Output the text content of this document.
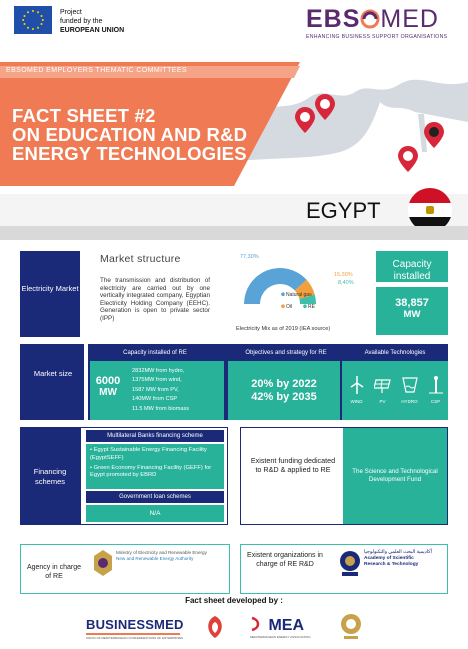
Project
funded by the
EUROPEAN UNION	EBS MED
ENHANCING BUSINESS SUPPORT ORGANISATIONS
EBSOMED EMPLOYERS THEMATIC COMMITTEES
FACT SHEET #2
ON EDUCATION AND R&D
ENERGY TECHNOLOGIES
EGYPT
Electricity Market
Market structure
The transmission and distribution of electricity are carried out by one vertically integrated company, Egyptian Electricity Holding Company (EEHC). Generation is open to private sector (IPP)
77,30%
15,30%
8,40%
Natural gas
Oil	RE
Electricity Mix as of 2019 (IEA source)
Capacity installed
38,857
MW
Market size
Capacity installed of RE
6000
MW
2832MW from hydro,
1375MW from wind,
1587 MW from PV,
140MW from CSP
11.5 MW from biomass
Objectives and strategy for RE
20% by 2022
42% by 2035
Available Technologies
WIND	PV	HYDRO	CSP
Financing schemes
Multilateral Banks financing scheme
• Egypt Sustainable Energy Financing Facility (EgyptSEFF)
• Green Economy Financing Facility (GEFF) for Egypt promoted by EBRD
Government loan schemes
N/A
Existent funding dedicated to R&D & applied to RE	The Science and Technological Development Fund
Agency in charge of RE
Ministry of Electricity and Renewable Energy
New and Renewable Energy Authority	Existent organizations in charge of RE R&D
أكاديمية البحث العلمي والتكنولوجيا
Academy of Scientific
Research & Technology
Fact sheet developed by :
BUSINESSMED
UNION OF MEDITERRANEAN CONFEDERATIONS OF ENTERPRISES
MEA
MEDITERRANEAN ENERGY ASSOCIATION
